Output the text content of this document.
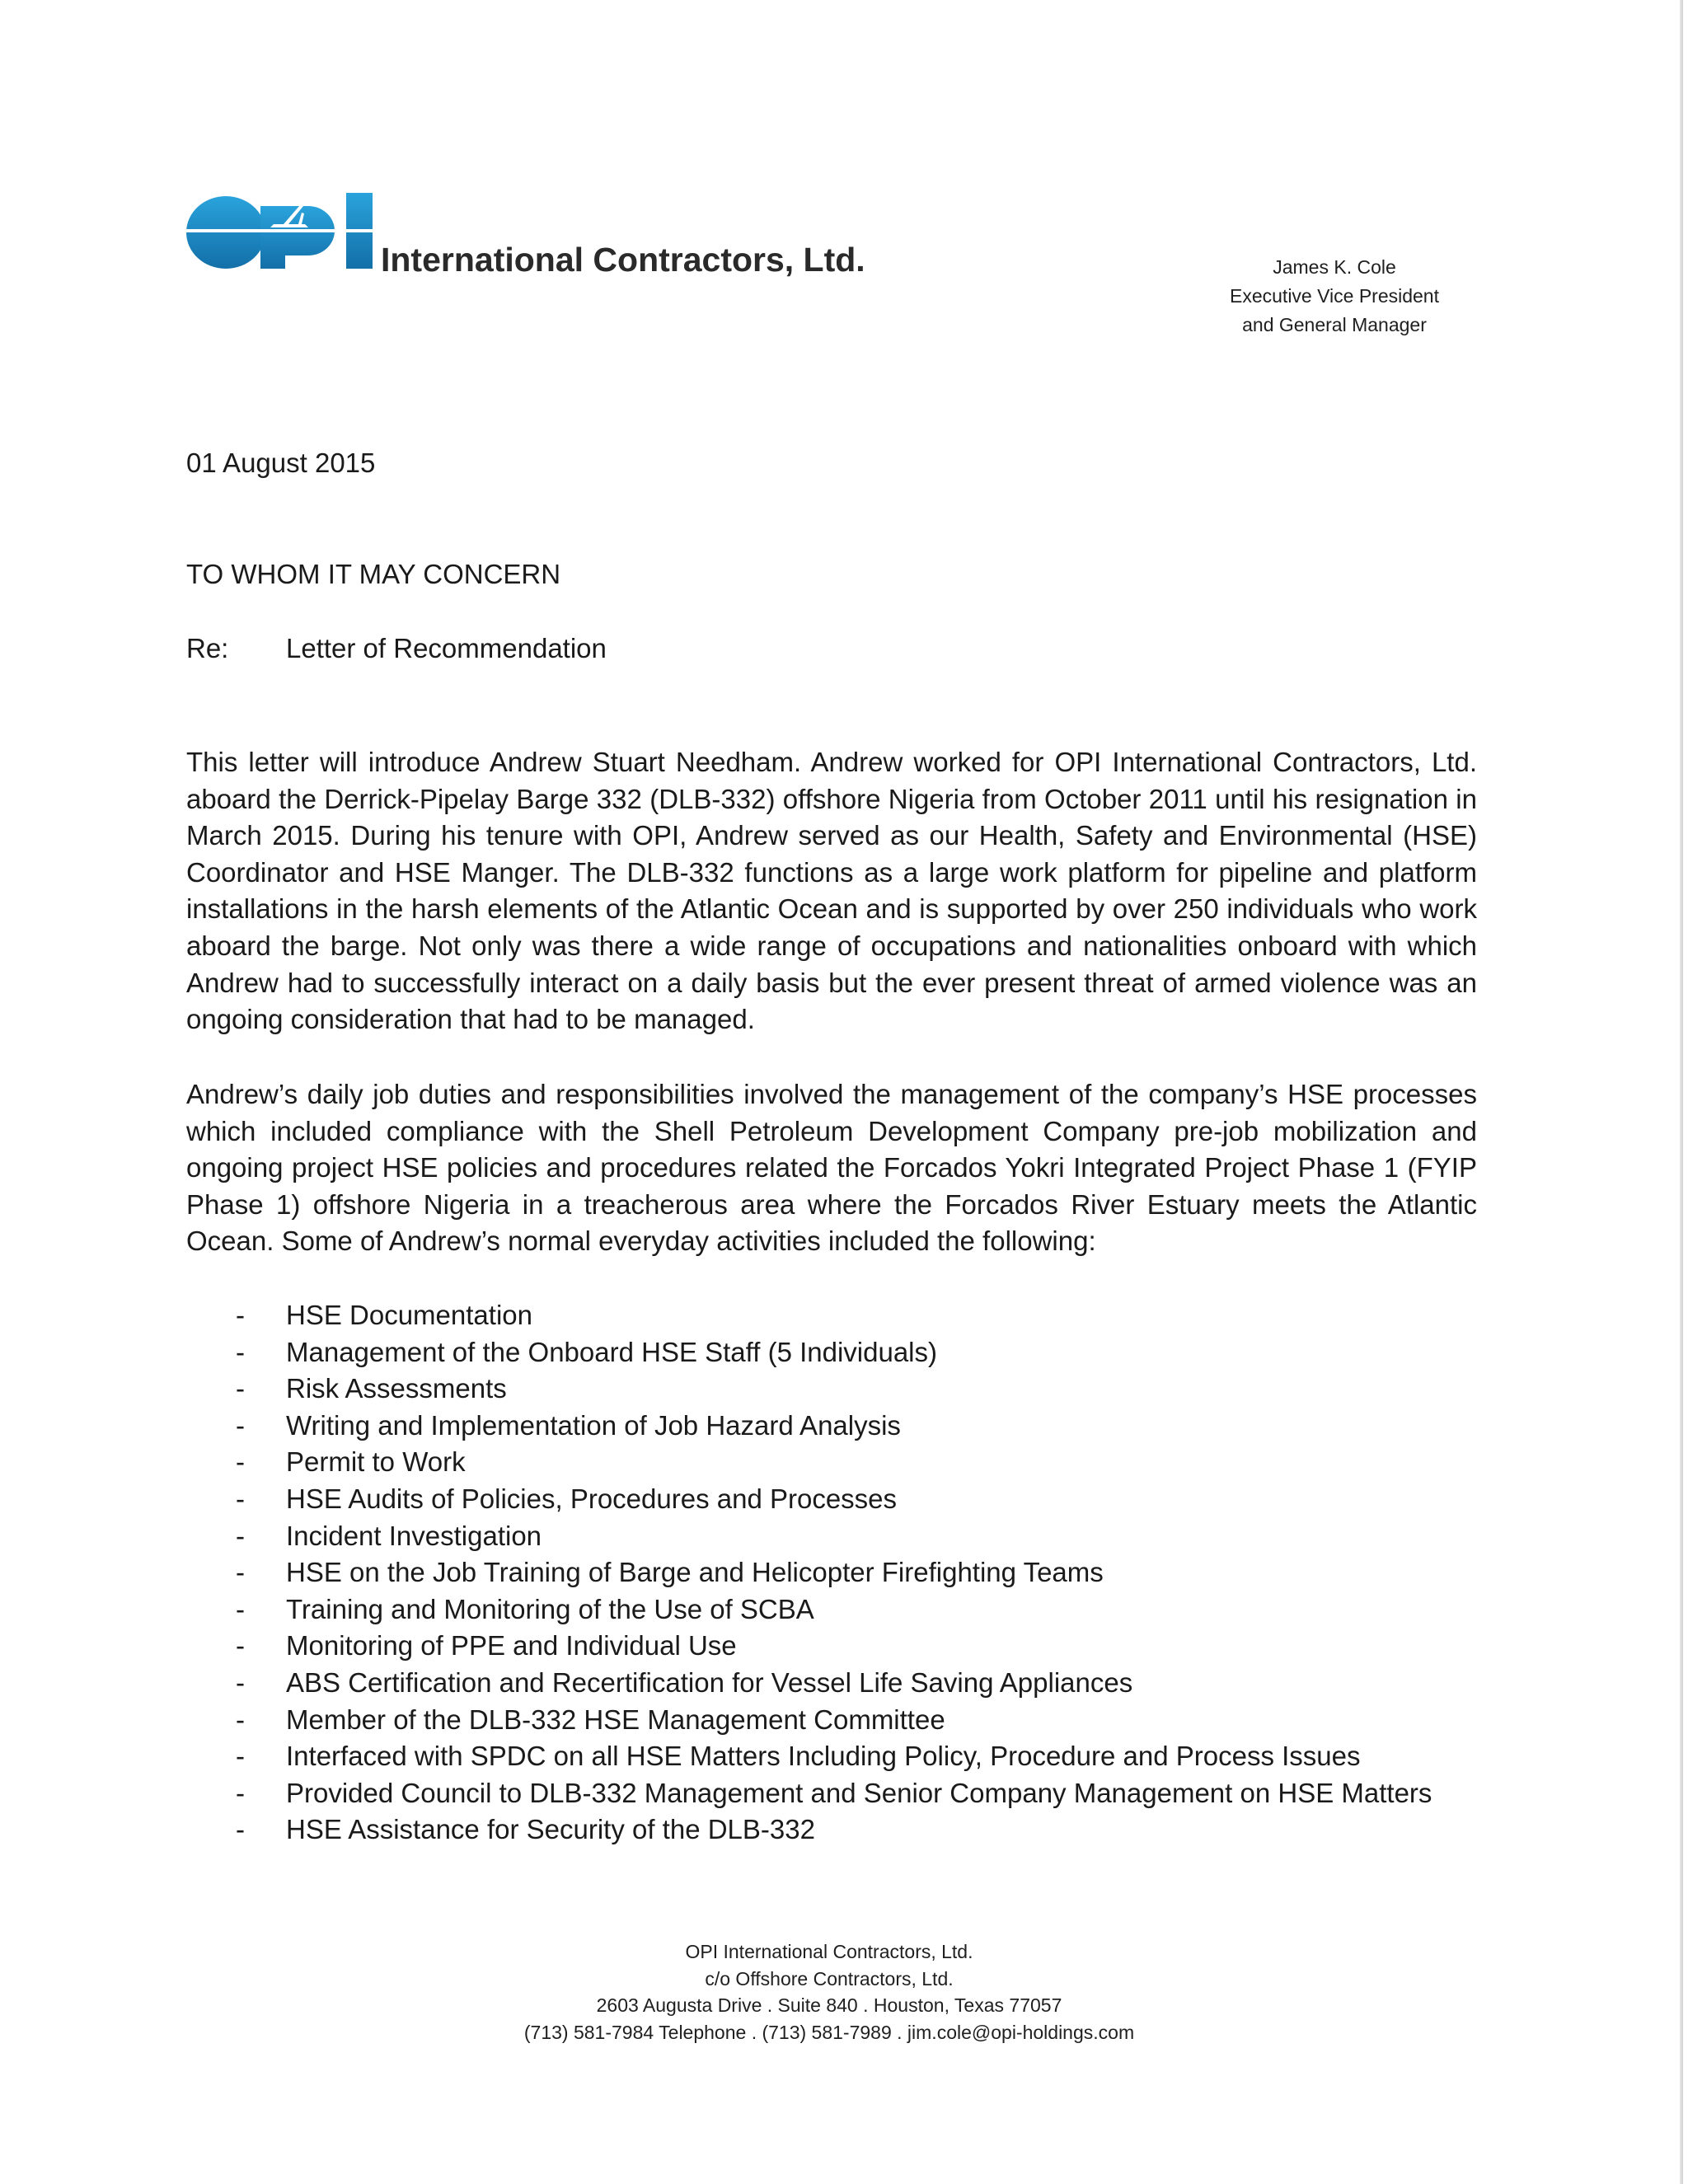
International Contractors, Ltd.	James K. Cole
Executive Vice President
and General Manager
01 August 2015
TO WHOM IT MAY CONCERN
Re: Letter of Recommendation

This letter will introduce Andrew Stuart Needham. Andrew worked for OPI International Contractors, Ltd. aboard the Derrick-Pipelay Barge 332 (DLB-332) offshore Nigeria from October 2011 until his resignation in March 2015. During his tenure with OPI, Andrew served as our Health, Safety and Environmental (HSE) Coordinator and HSE Manger. The DLB-332 functions as a large work platform for pipeline and platform installations in the harsh elements of the Atlantic Ocean and is supported by over 250 individuals who work aboard the barge. Not only was there a wide range of occupations and nationalities onboard with which Andrew had to successfully interact on a daily basis but the ever present threat of armed violence was an ongoing consideration that had to be managed.

Andrew’s daily job duties and responsibilities involved the management of the company’s HSE processes which included compliance with the Shell Petroleum Development Company pre-job mobilization and ongoing project HSE policies and procedures related the Forcados Yokri Integrated Project Phase 1 (FYIP Phase 1) offshore Nigeria in a treacherous area where the Forcados River Estuary meets the Atlantic Ocean. Some of Andrew’s normal everyday activities included the following:

- HSE Documentation
- Management of the Onboard HSE Staff (5 Individuals)
- Risk Assessments
- Writing and Implementation of Job Hazard Analysis
- Permit to Work
- HSE Audits of Policies, Procedures and Processes
- Incident Investigation
- HSE on the Job Training of Barge and Helicopter Firefighting Teams
- Training and Monitoring of the Use of SCBA
- Monitoring of PPE and Individual Use
- ABS Certification and Recertification for Vessel Life Saving Appliances
- Member of the DLB-332 HSE Management Committee
- Interfaced with SPDC on all HSE Matters Including Policy, Procedure and Process Issues
- Provided Council to DLB-332 Management and Senior Company Management on HSE Matters
- HSE Assistance for Security of the DLB-332
OPI International Contractors, Ltd.
c/o Offshore Contractors, Ltd.
2603 Augusta Drive . Suite 840 . Houston, Texas 77057
(713) 581-7984 Telephone . (713) 581-7989 . jim.cole@opi-holdings.com
